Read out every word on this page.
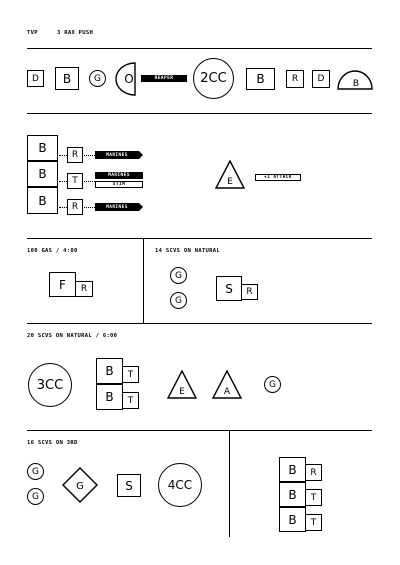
TVP	3 RAX PUSH
D	B	G	O	REAPER	2CC	B	R	D	B
B
B
B
R
T
R
MARINES
MARINES
STIM
MARINES
E	+1 ATTACK
100 GAS / 4:00	14 SCVS ON NATURAL
F	R
G
G
S	R
20 SCVS ON NATURAL / 6:00
3CC
B	T
B	T
E	A
G
16 SCVS ON 3RD
G
G
G	S	4CC
B	R
B	T
B	T
